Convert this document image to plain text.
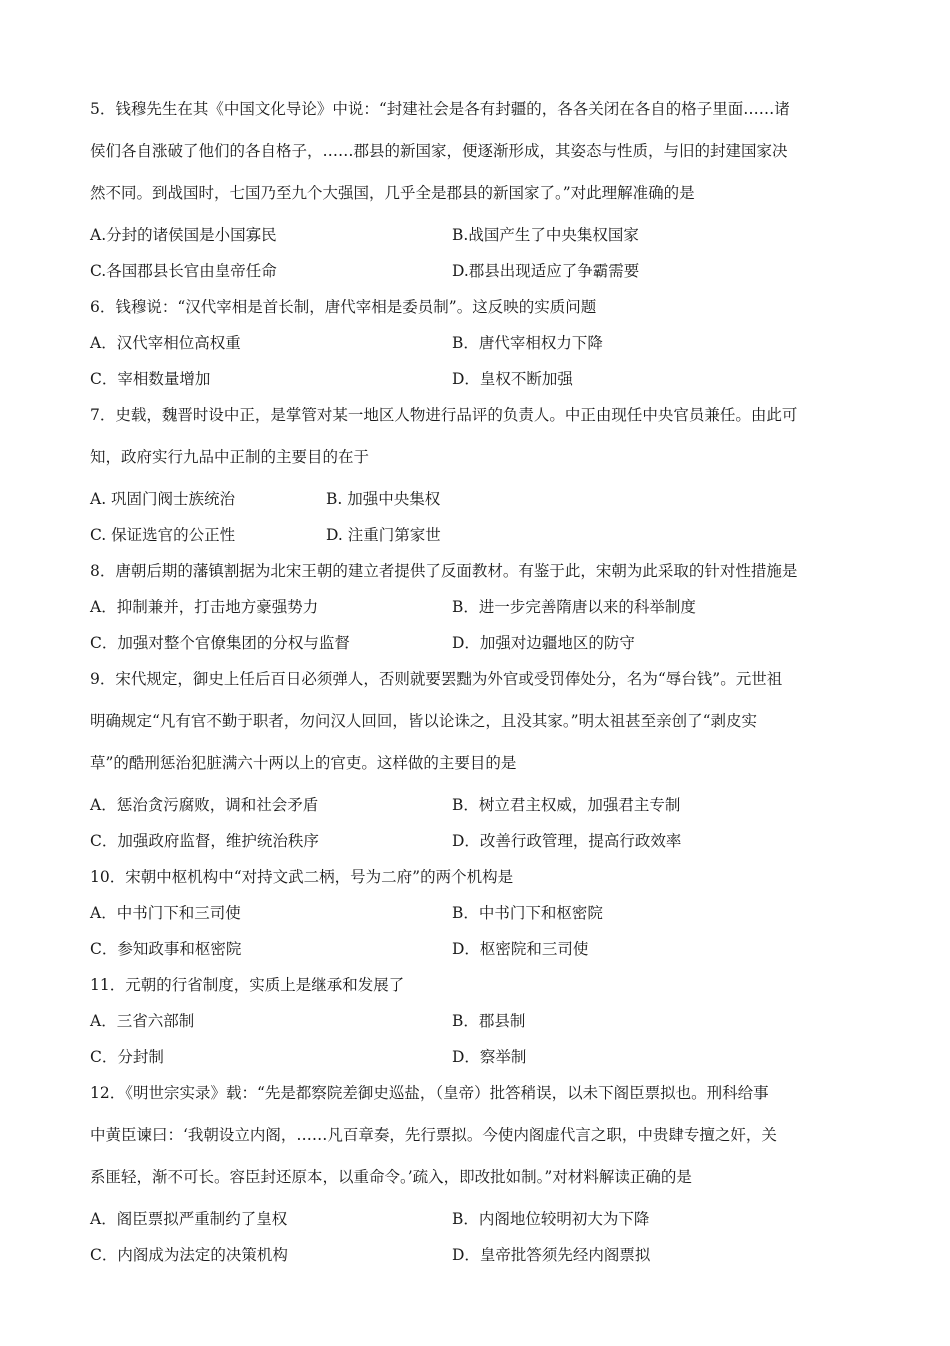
5．钱穆先生在其《中国文化导论》中说：“封建社会是各有封疆的，各各关闭在各自的格子里面……诸
侯们各自涨破了他们的各自格子，……郡县的新国家，便逐渐形成，其姿态与性质，与旧的封建国家决
然不同。到战国时，七国乃至九个大强国，几乎全是郡县的新国家了。”对此理解准确的是
A.分封的诸侯国是小国寡民	B.战国产生了中央集权国家
C.各国郡县长官由皇帝任命	D.郡县出现适应了争霸需要
6．钱穆说：“汉代宰相是首长制，唐代宰相是委员制”。这反映的实质问题
A．汉代宰相位高权重	B．唐代宰相权力下降
C．宰相数量增加	D．皇权不断加强
7．史载，魏晋时设中正，是掌管对某一地区人物进行品评的负责人。中正由现任中央官员兼任。由此可
知，政府实行九品中正制的主要目的在于
A. 巩固门阀士族统治	B. 加强中央集权
C. 保证选官的公正性	D. 注重门第家世
8．唐朝后期的藩镇割据为北宋王朝的建立者提供了反面教材。有鉴于此，宋朝为此采取的针对性措施是
A．抑制兼并，打击地方豪强势力	B．进一步完善隋唐以来的科举制度
C．加强对整个官僚集团的分权与监督	D．加强对边疆地区的防守
9．宋代规定，御史上任后百日必须弹人，否则就要罢黜为外官或受罚俸处分，名为“辱台钱”。元世祖
明确规定“凡有官不勤于职者，勿问汉人回回，皆以论诛之，且没其家。”明太祖甚至亲创了“剥皮实
草”的酷刑惩治犯脏满六十两以上的官吏。这样做的主要目的是
A．惩治贪污腐败，调和社会矛盾	B．树立君主权威，加强君主专制
C．加强政府监督，维护统治秩序	D．改善行政管理，提高行政效率
10．宋朝中枢机构中“对持文武二柄，号为二府”的两个机构是
A．中书门下和三司使	B．中书门下和枢密院
C．参知政事和枢密院	D．枢密院和三司使
11．元朝的行省制度，实质上是继承和发展了
A．三省六部制	B．郡县制
C．分封制	D．察举制
12．《明世宗实录》载：“先是都察院差御史巡盐，（皇帝）批答稍误，以未下阁臣票拟也。刑科给事
中黄臣谏曰：‘我朝设立内阁，……凡百章奏，先行票拟。今使内阁虚代言之职，中贵肆专擅之奸，关
系匪轻，渐不可长。容臣封还原本，以重命令。’疏入，即改批如制。”对材料解读正确的是
A．阁臣票拟严重制约了皇权	B．内阁地位较明初大为下降
C．内阁成为法定的决策机构	D．皇帝批答须先经内阁票拟
